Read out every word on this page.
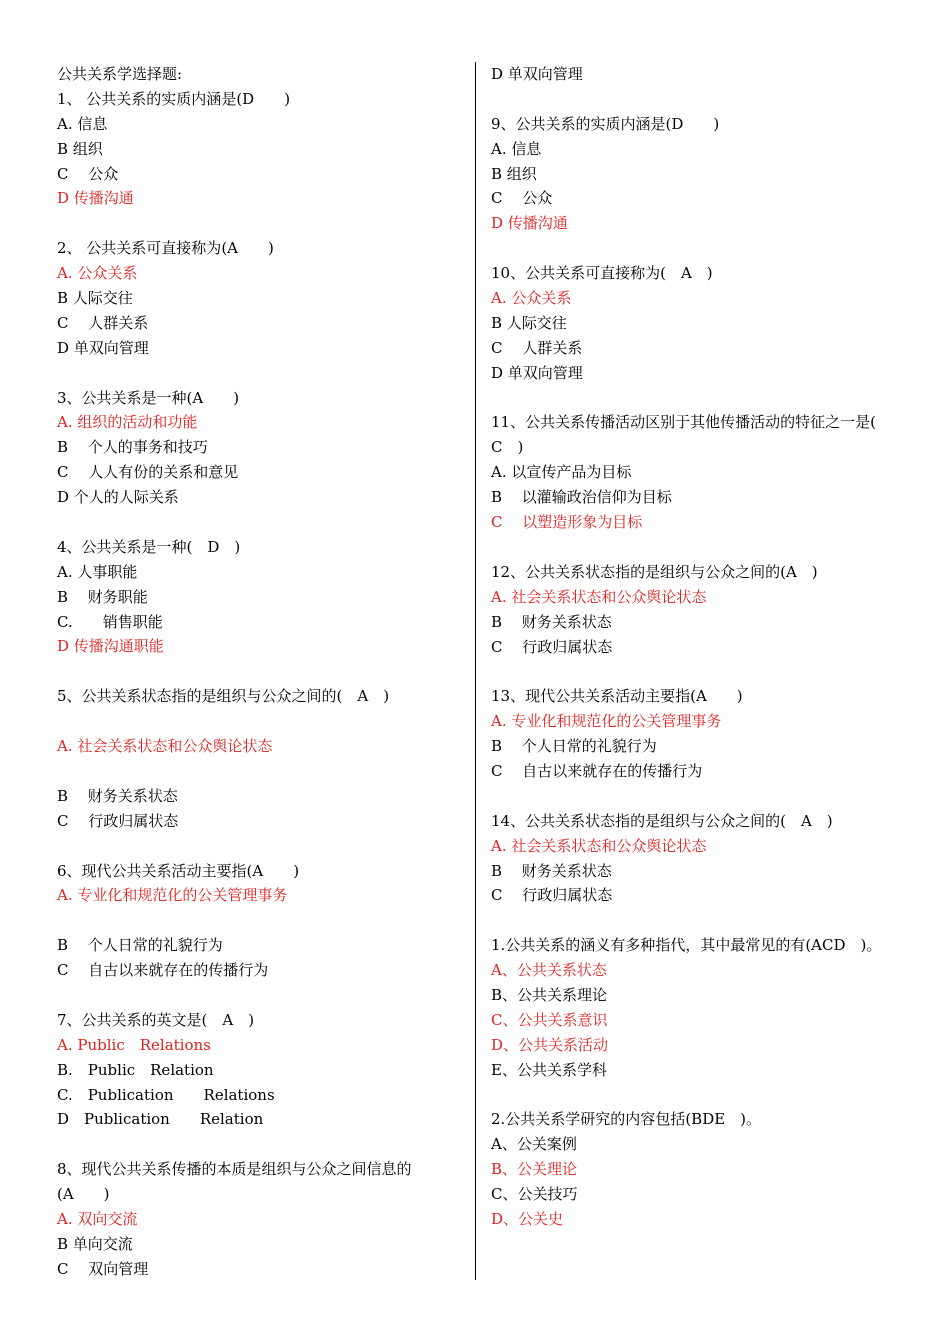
公共关系学选择题:
1、 公共关系的实质内涵是(D　　)
A. 信息
B 组织
C　 公众
D 传播沟通
2、 公共关系可直接称为(A　　)
A. 公众关系
B 人际交往
C　 人群关系
D 单双向管理
3、公共关系是一种(A　　)
A. 组织的活动和功能
B　 个人的事务和技巧
C　 人人有份的关系和意见
D 个人的人际关系
4、公共关系是一种(　D　)
A. 人事职能
B　 财务职能
C.　　销售职能
D 传播沟通职能
5、公共关系状态指的是组织与公众之间的(　A　)
A. 社会关系状态和公众舆论状态
B　 财务关系状态
C　 行政归属状态
6、现代公共关系活动主要指(A　　)
A. 专业化和规范化的公关管理事务
B　 个人日常的礼貌行为
C　 自古以来就存在的传播行为
7、公共关系的英文是(　A　)
A. Public　Relations
B.　Public　Relation
C.　Publication　　Relations
D　Publication　　Relation
8、现代公共关系传播的本质是组织与公众之间信息的(A　　)
A. 双向交流
B 单向交流
C　 双向管理
D 单双向管理
9、公共关系的实质内涵是(D　　)
A. 信息
B 组织
C　 公众
D 传播沟通
10、公共关系可直接称为(　A　)
A. 公众关系
B 人际交往
C　 人群关系
D 单双向管理
11、公共关系传播活动区别于其他传播活动的特征之一是(　C　)
A. 以宣传产品为目标
B　 以灌输政治信仰为目标
C　 以塑造形象为目标
12、公共关系状态指的是组织与公众之间的(A　)
A. 社会关系状态和公众舆论状态
B　 财务关系状态
C　 行政归属状态
13、现代公共关系活动主要指(A　　)
A. 专业化和规范化的公关管理事务
B　 个人日常的礼貌行为
C　 自古以来就存在的传播行为
14、公共关系状态指的是组织与公众之间的(　A　)
A. 社会关系状态和公众舆论状态
B　 财务关系状态
C　 行政归属状态
1.公共关系的涵义有多种指代，其中最常见的有(ACD　)。
A、公共关系状态
B、公共关系理论
C、公共关系意识
D、公共关系活动
E、公共关系学科
2.公共关系学研究的内容包括(BDE　)。
A、公关案例
B、公关理论
C、公关技巧
D、公关史
